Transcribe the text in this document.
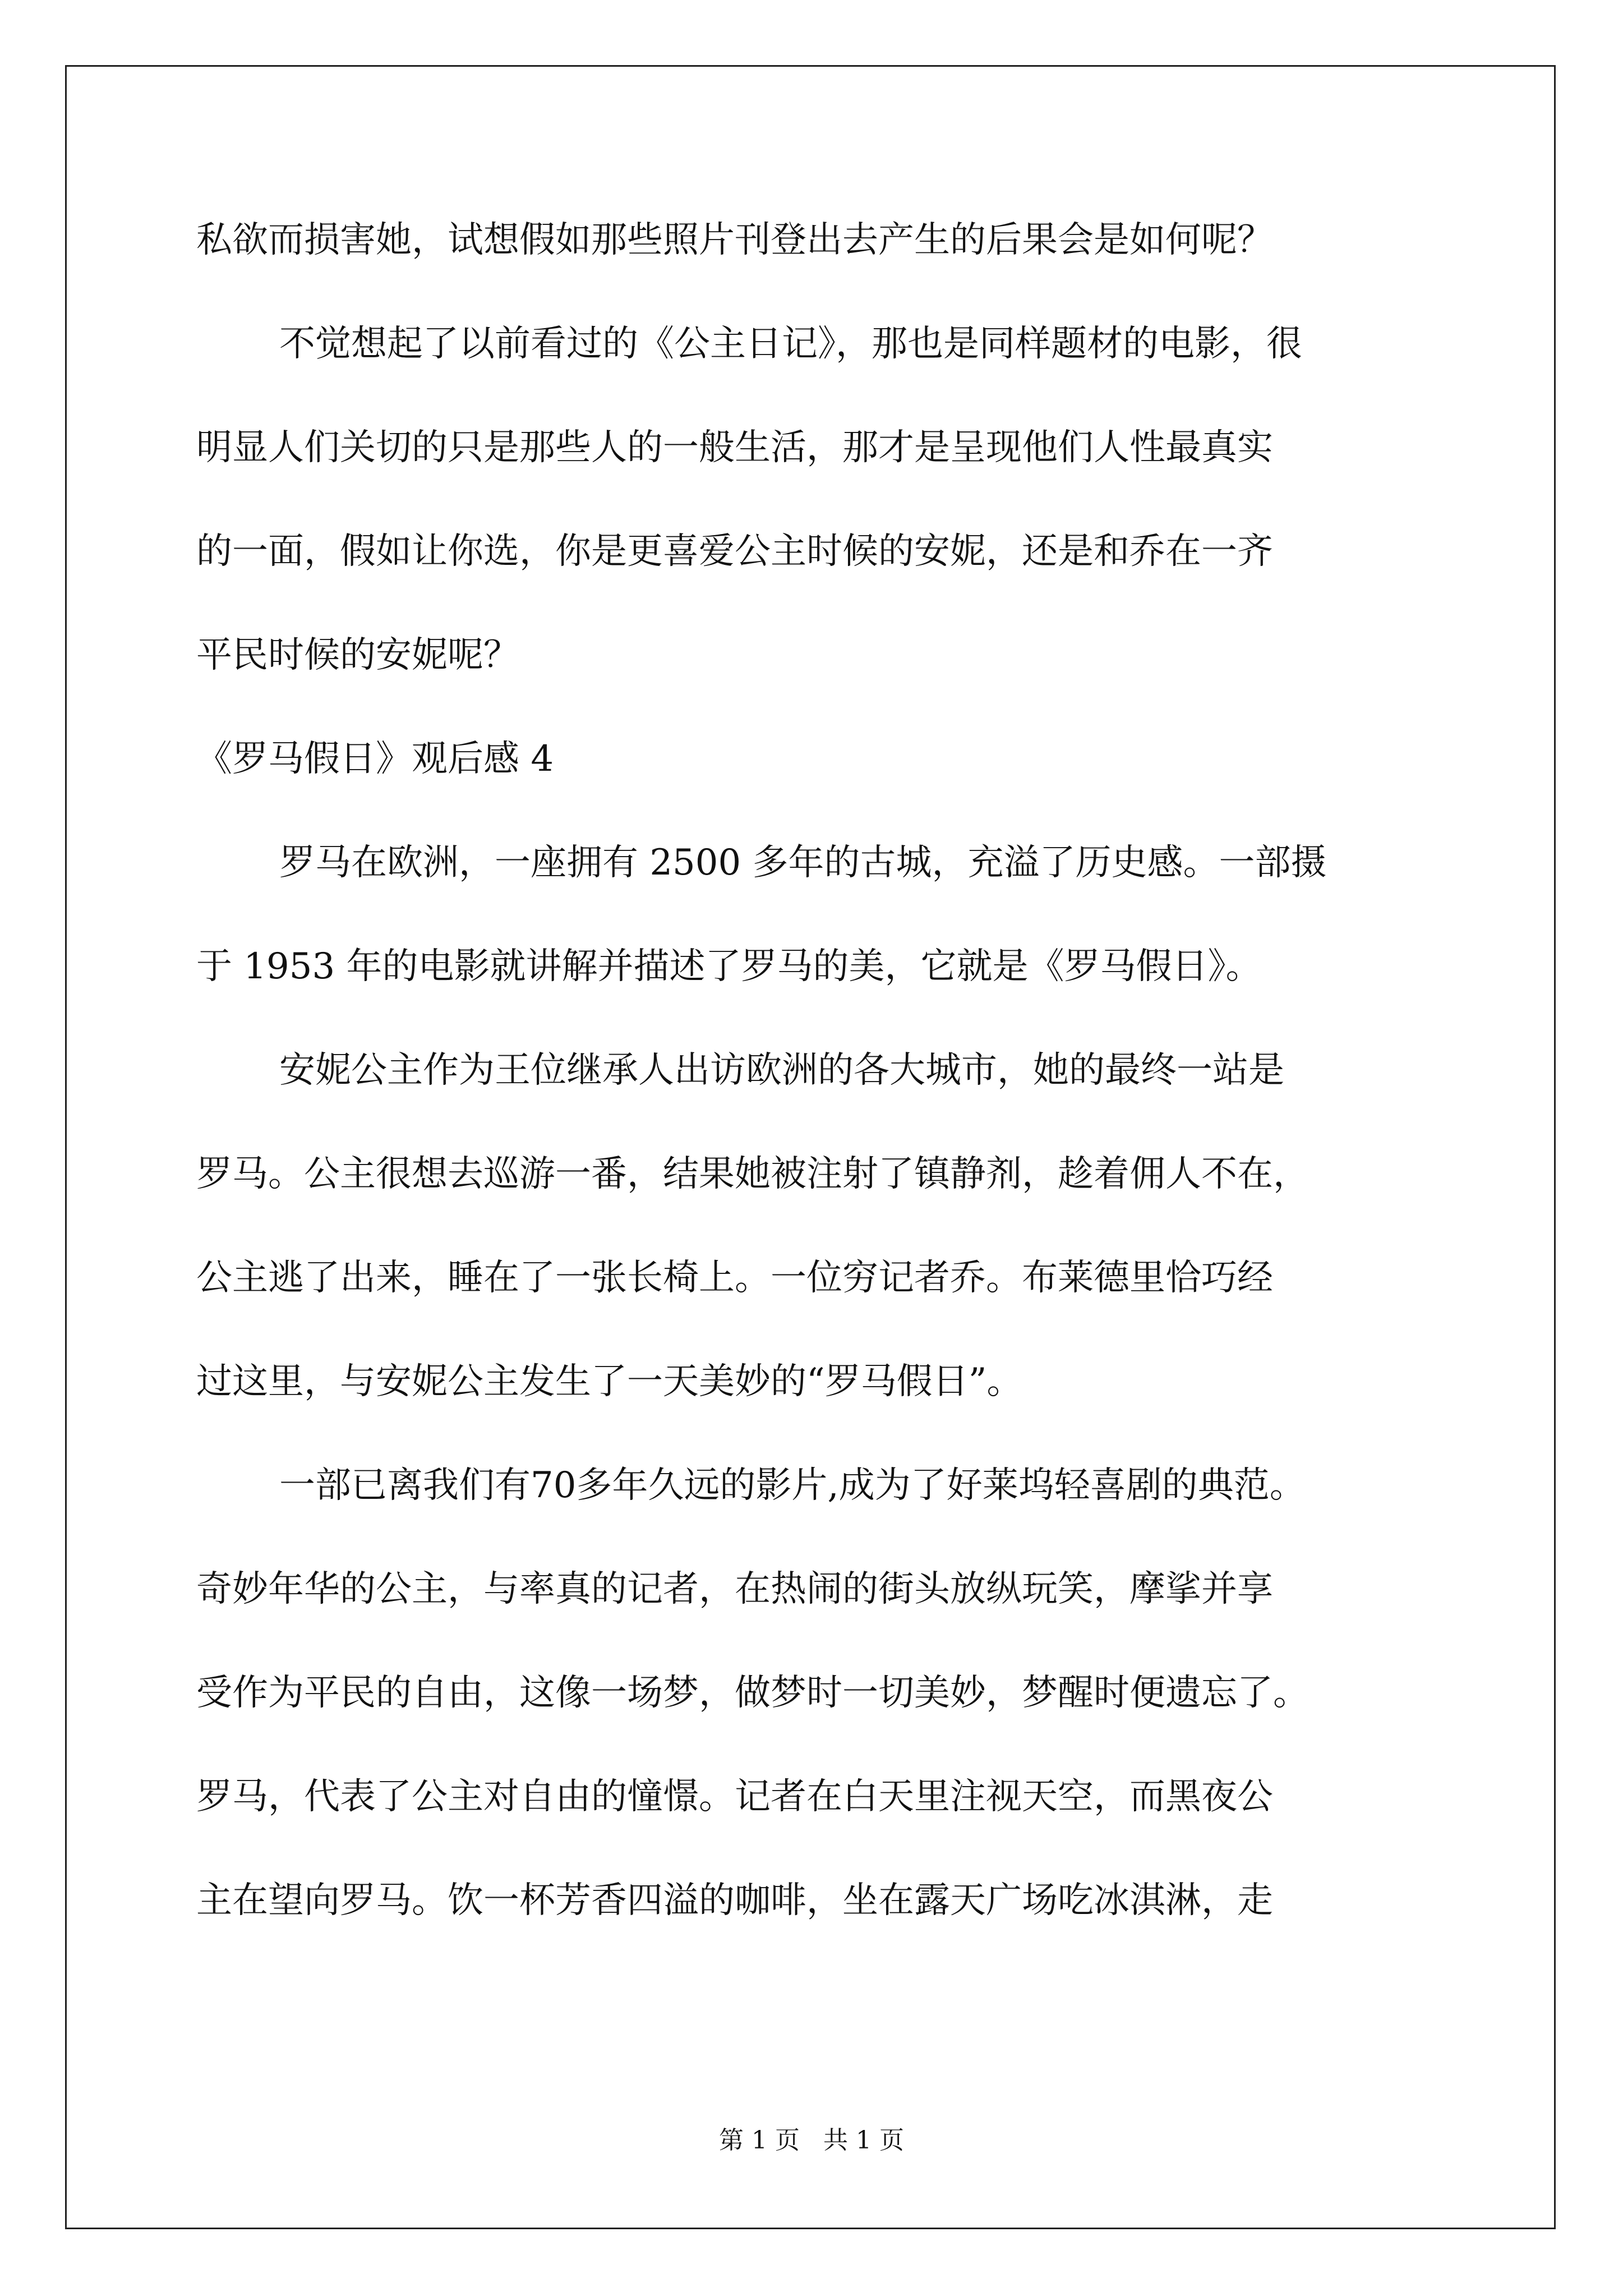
私欲而损害她，试想假如那些照片刊登出去产生的后果会是如何呢？
不觉想起了以前看过的《公主日记》，那也是同样题材的电影，很
明显人们关切的只是那些人的一般生活，那才是呈现他们人性最真实
的一面，假如让你选，你是更喜爱公主时候的安妮，还是和乔在一齐
平民时候的安妮呢？
《罗马假日》观后感 4
罗马在欧洲，一座拥有 2500 多年的古城，充溢了历史感。一部摄
于 1953 年的电影就讲解并描述了罗马的美，它就是《罗马假日》。
安妮公主作为王位继承人出访欧洲的各大城市，她的最终一站是
罗马。公主很想去巡游一番，结果她被注射了镇静剂，趁着佣人不在，
公主逃了出来，睡在了一张长椅上。一位穷记者乔。布莱德里恰巧经
过这里，与安妮公主发生了一天美妙的“罗马假日”。
一部已离我们有70多年久远的影片,成为了好莱坞轻喜剧的典范。
奇妙年华的公主，与率真的记者，在热闹的街头放纵玩笑，摩挲并享
受作为平民的自由，这像一场梦，做梦时一切美妙，梦醒时便遗忘了。
罗马，代表了公主对自由的憧憬。记者在白天里注视天空，而黑夜公
主在望向罗马。饮一杯芳香四溢的咖啡，坐在露天广场吃冰淇淋，走
第 1 页   共 1 页
